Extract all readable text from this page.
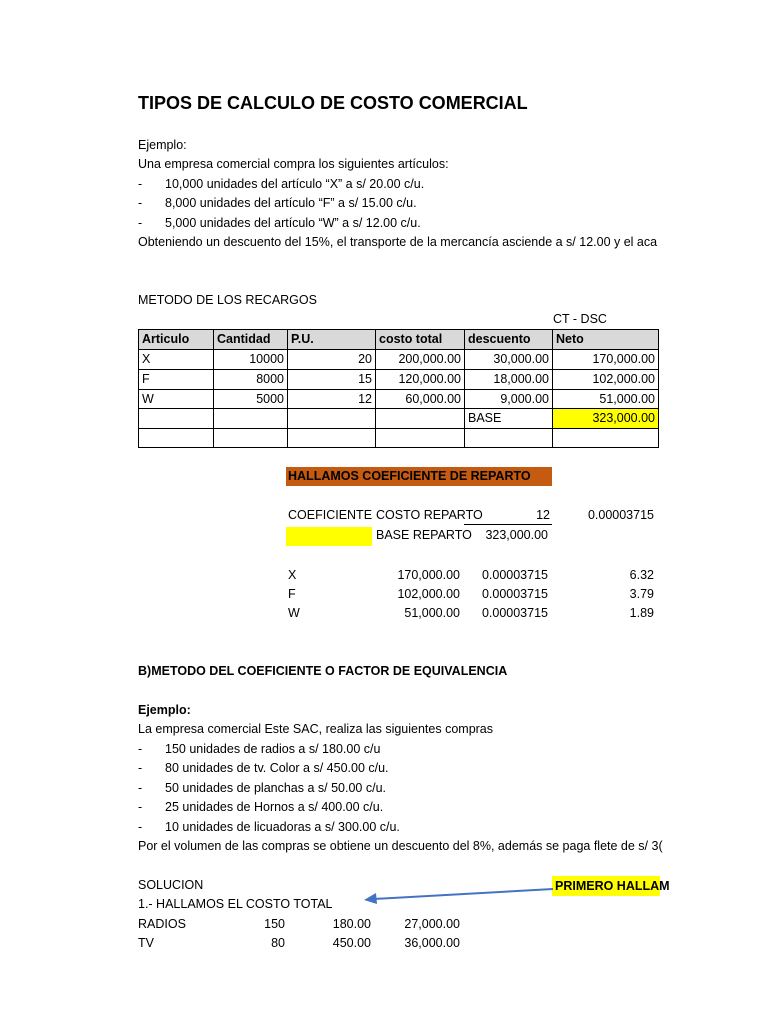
TIPOS DE CALCULO DE COSTO COMERCIAL
Ejemplo:
Una empresa comercial compra los siguientes artículos:
- 10,000 unidades del artículo “X” a s/ 20.00 c/u.
- 8,000 unidades del artículo “F” a s/ 15.00 c/u.
- 5,000 unidades del artículo “W” a s/ 12.00 c/u.
Obteniendo un descuento del 15%, el transporte de la mercancía asciende a s/ 12.00 y el aca
METODO DE LOS RECARGOS
CT - DSC
Articulo	Cantidad	P.U.	costo total	descuento	Neto
X	10000	20	200,000.00	30,000.00	170,000.00
F	8000	15	120,000.00	18,000.00	102,000.00
W	5000	12	60,000.00	9,000.00	51,000.00
BASE	323,000.00
HALLAMOS COEFICIENTE DE REPARTO
COEFICIENTE COSTO REPARTO	12	0.00003715
BASE REPARTO	323,000.00
X	170,000.00	0.00003715	6.32
F	102,000.00	0.00003715	3.79
W	51,000.00	0.00003715	1.89
B)METODO DEL COEFICIENTE O FACTOR DE EQUIVALENCIA
Ejemplo:
La empresa comercial Este SAC, realiza las siguientes compras
- 150 unidades de radios a s/ 180.00 c/u
- 80 unidades de tv. Color a s/ 450.00 c/u.
- 50 unidades de planchas a s/ 50.00 c/u.
- 25 unidades de Hornos a s/ 400.00 c/u.
- 10 unidades de licuadoras a s/ 300.00 c/u.
Por el volumen de las compras se obtiene un descuento del 8%, además se paga flete de s/ 3(
SOLUCION	PRIMERO HALLAM
1.- HALLAMOS EL COSTO TOTAL
RADIOS	150	180.00	27,000.00
TV	80	450.00	36,000.00
